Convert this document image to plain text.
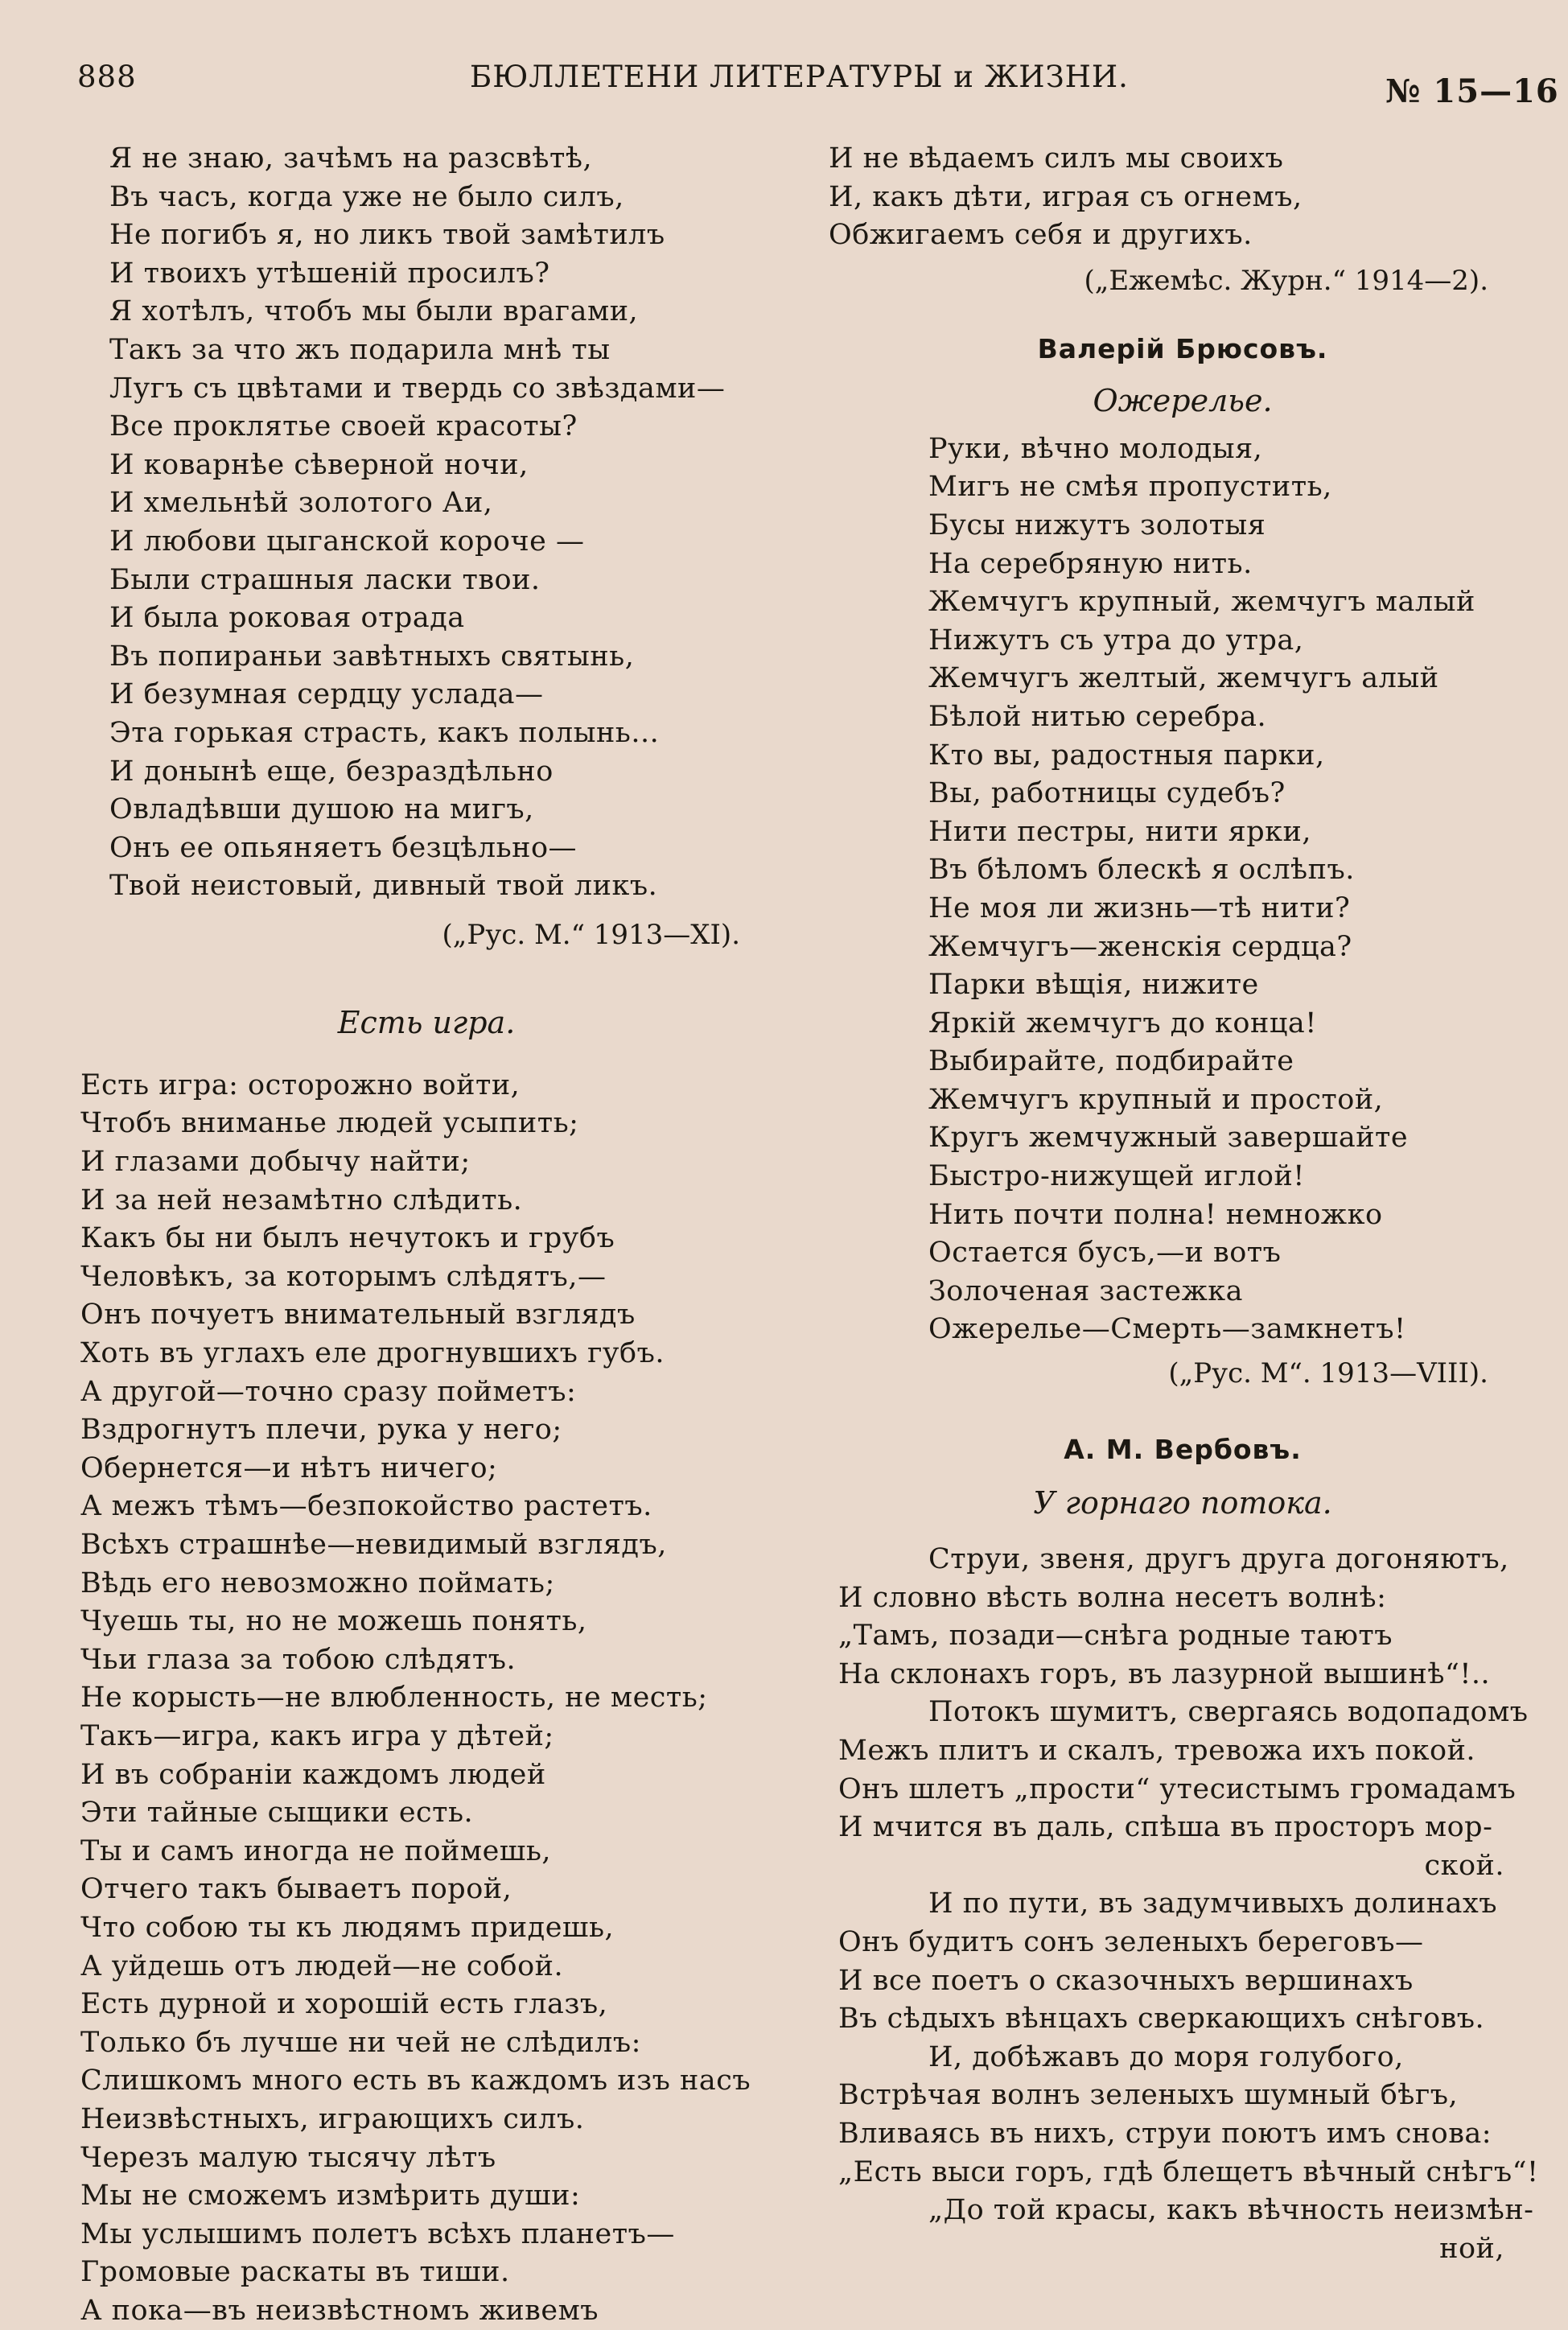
888	БЮЛЛЕТЕНИ ЛИТЕРАТУРЫ и ЖИЗНИ.	№ 15—16
Я не знаю, зачѣмъ на разсвѣтѣ,
Въ часъ, когда уже не было силъ,
Не погибъ я, но ликъ твой замѣтилъ
И твоихъ утѣшеній просилъ?
Я хотѣлъ, чтобъ мы были врагами,
Такъ за что жъ подарила мнѣ ты
Лугъ съ цвѣтами и твердь со звѣздами—
Все проклятье своей красоты?
И коварнѣе сѣверной ночи,
И хмельнѣй золотого Аи,
И любови цыганской короче —
Были страшныя ласки твои.
И была роковая отрада
Въ попираньи завѣтныхъ святынь,
И безумная сердцу услада—
Эта горькая страсть, какъ полынь...
И донынѣ еще, безраздѣльно
Овладѣвши душою на мигъ,
Онъ ее опьяняетъ безцѣльно—
Твой неистовый, дивный твой ликъ.
(„Рус. М.“ 1913—XI).
Есть игра.
Есть игра: осторожно войти,
Чтобъ вниманье людей усыпить;
И глазами добычу найти;
И за ней незамѣтно слѣдить.
Какъ бы ни былъ нечутокъ и грубъ
Человѣкъ, за которымъ слѣдятъ,—
Онъ почуетъ внимательный взглядъ
Хоть въ углахъ еле дрогнувшихъ губъ.
А другой—точно сразу пойметъ:
Вздрогнутъ плечи, рука у него;
Обернется—и нѣтъ ничего;
А межъ тѣмъ—безпокойство растетъ.
Всѣхъ страшнѣе—невидимый взглядъ,
Вѣдь его невозможно поймать;
Чуешь ты, но не можешь понять,
Чьи глаза за тобою слѣдятъ.
Не корысть—не влюбленность, не месть;
Такъ—игра, какъ игра у дѣтей;
И въ собраніи каждомъ людей
Эти тайные сыщики есть.
Ты и самъ иногда не поймешь,
Отчего такъ бываетъ порой,
Что собою ты къ людямъ придешь,
А уйдешь отъ людей—не собой.
Есть дурной и хорошій есть глазъ,
Только бъ лучше ни чей не слѣдилъ:
Слишкомъ много есть въ каждомъ изъ насъ
Неизвѣстныхъ, играющихъ силъ.
Черезъ малую тысячу лѣтъ
Мы не сможемъ измѣрить души:
Мы услышимъ полетъ всѣхъ планетъ—
Громовые раскаты въ тиши.
А пока—въ неизвѣстномъ живемъ
И не вѣдаемъ силъ мы своихъ
И, какъ дѣти, играя съ огнемъ,
Обжигаемъ себя и другихъ.
(„Ежемѣс. Журн.“ 1914—2).
Валерій Брюсовъ.
Ожерелье.
Руки, вѣчно молодыя,
Мигъ не смѣя пропустить,
Бусы нижутъ золотыя
На серебряную нить.
Жемчугъ крупный, жемчугъ малый
Нижутъ съ утра до утра,
Жемчугъ желтый, жемчугъ алый
Бѣлой нитью серебра.
Кто вы, радостныя парки,
Вы, работницы судебъ?
Нити пестры, нити ярки,
Въ бѣломъ блескѣ я ослѣпъ.
Не моя ли жизнь—тѣ нити?
Жемчугъ—женскія сердца?
Парки вѣщія, нижите
Яркій жемчугъ до конца!
Выбирайте, подбирайте
Жемчугъ крупный и простой,
Кругъ жемчужный завершайте
Быстро-нижущей иглой!
Нить почти полна! немножко
Остается бусъ,—и вотъ
Золоченая застежка
Ожерелье—Смерть—замкнетъ!
(„Рус. М“. 1913—VIII).
А. М. Вербовъ.
У горнаго потока.
Струи, звеня, другъ друга догоняютъ,
И словно вѣсть волна несетъ волнѣ:
„Тамъ, позади—снѣга родные таютъ
На склонахъ горъ, въ лазурной вышинѣ“!..
Потокъ шумитъ, свергаясь водопадомъ
Межъ плитъ и скалъ, тревожа ихъ покой.
Онъ шлетъ „прости“ утесистымъ громадамъ
И мчится въ даль, спѣша въ просторъ мор-
ской.
И по пути, въ задумчивыхъ долинахъ
Онъ будитъ сонъ зеленыхъ береговъ—
И все поетъ о сказочныхъ вершинахъ
Въ сѣдыхъ вѣнцахъ сверкающихъ снѣговъ.
И, добѣжавъ до моря голубого,
Встрѣчая волнъ зеленыхъ шумный бѣгъ,
Вливаясь въ нихъ, струи поютъ имъ снова:
„Есть выси горъ, гдѣ блещетъ вѣчный снѣгъ“!
„До той красы, какъ вѣчность неизмѣн-
ной,
